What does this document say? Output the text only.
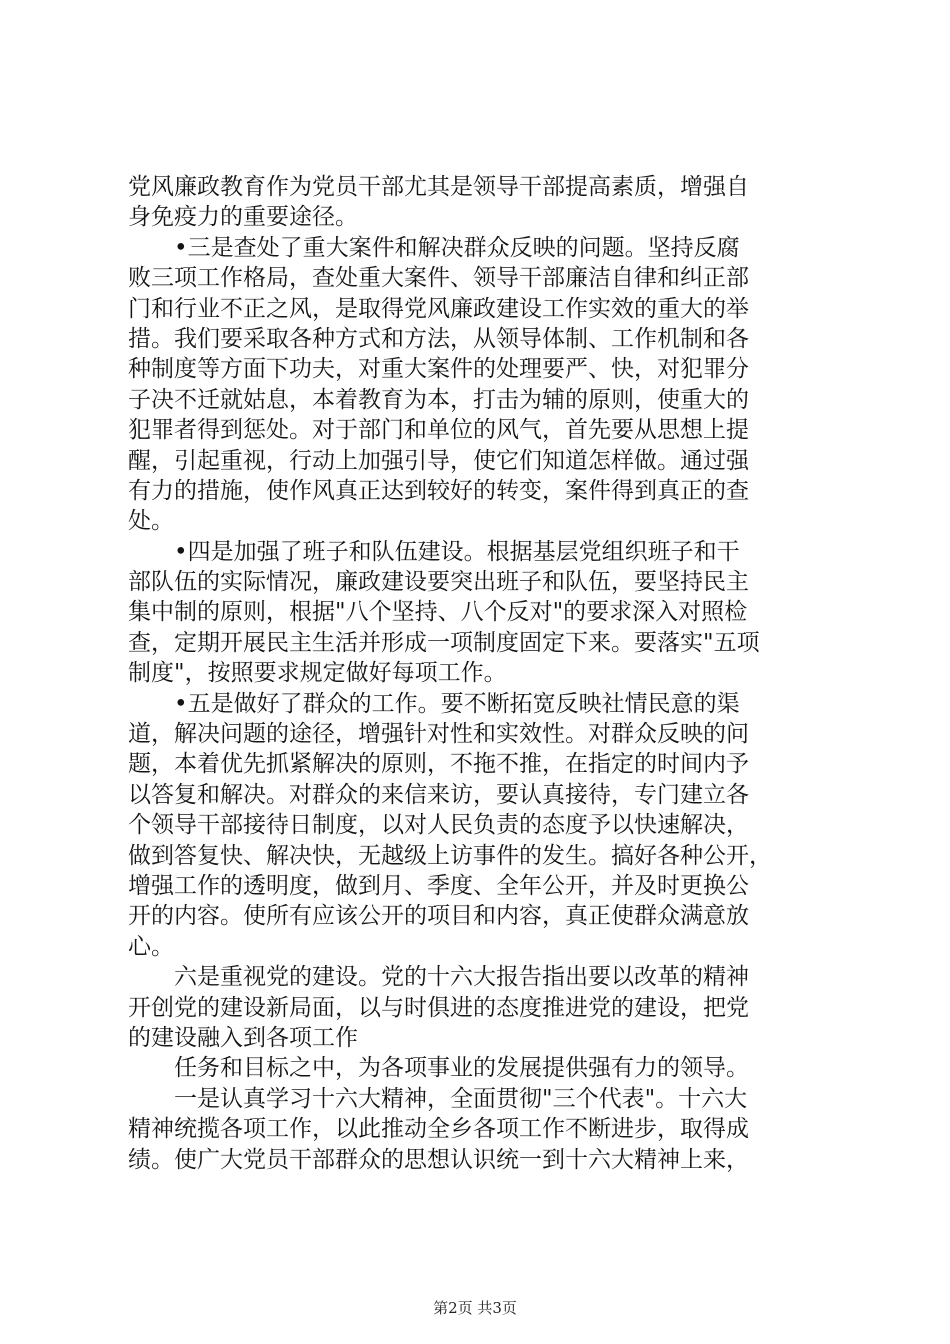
党风廉政教育作为党员干部尤其是领导干部提高素质，增强自
身免疫力的重要途径。
•三是查处了重大案件和解决群众反映的问题。坚持反腐
败三项工作格局，查处重大案件、领导干部廉洁自律和纠正部
门和行业不正之风，是取得党风廉政建设工作实效的重大的举
措。我们要采取各种方式和方法，从领导体制、工作机制和各
种制度等方面下功夫，对重大案件的处理要严、快，对犯罪分
子决不迁就姑息，本着教育为本，打击为辅的原则，使重大的
犯罪者得到惩处。对于部门和单位的风气，首先要从思想上提
醒，引起重视，行动上加强引导，使它们知道怎样做。通过强
有力的措施，使作风真正达到较好的转变，案件得到真正的查
处。
•四是加强了班子和队伍建设。根据基层党组织班子和干
部队伍的实际情况，廉政建设要突出班子和队伍，要坚持民主
集中制的原则，根据"八个坚持、八个反对"的要求深入对照检
查，定期开展民主生活并形成一项制度固定下来。要落实"五项
制度"，按照要求规定做好每项工作。
•五是做好了群众的工作。要不断拓宽反映社情民意的渠
道，解决问题的途径，增强针对性和实效性。对群众反映的问
题，本着优先抓紧解决的原则，不拖不推，在指定的时间内予
以答复和解决。对群众的来信来访，要认真接待，专门建立各
个领导干部接待日制度，以对人民负责的态度予以快速解决，
做到答复快、解决快，无越级上访事件的发生。搞好各种公开，
增强工作的透明度，做到月、季度、全年公开，并及时更换公
开的内容。使所有应该公开的项目和内容，真正使群众满意放
心。
六是重视党的建设。党的十六大报告指出要以改革的精神
开创党的建设新局面，以与时俱进的态度推进党的建设，把党
的建设融入到各项工作
任务和目标之中，为各项事业的发展提供强有力的领导。
一是认真学习十六大精神，全面贯彻"三个代表"。十六大
精神统揽各项工作，以此推动全乡各项工作不断进步，取得成
绩。使广大党员干部群众的思想认识统一到十六大精神上来，
第2页 共3页
